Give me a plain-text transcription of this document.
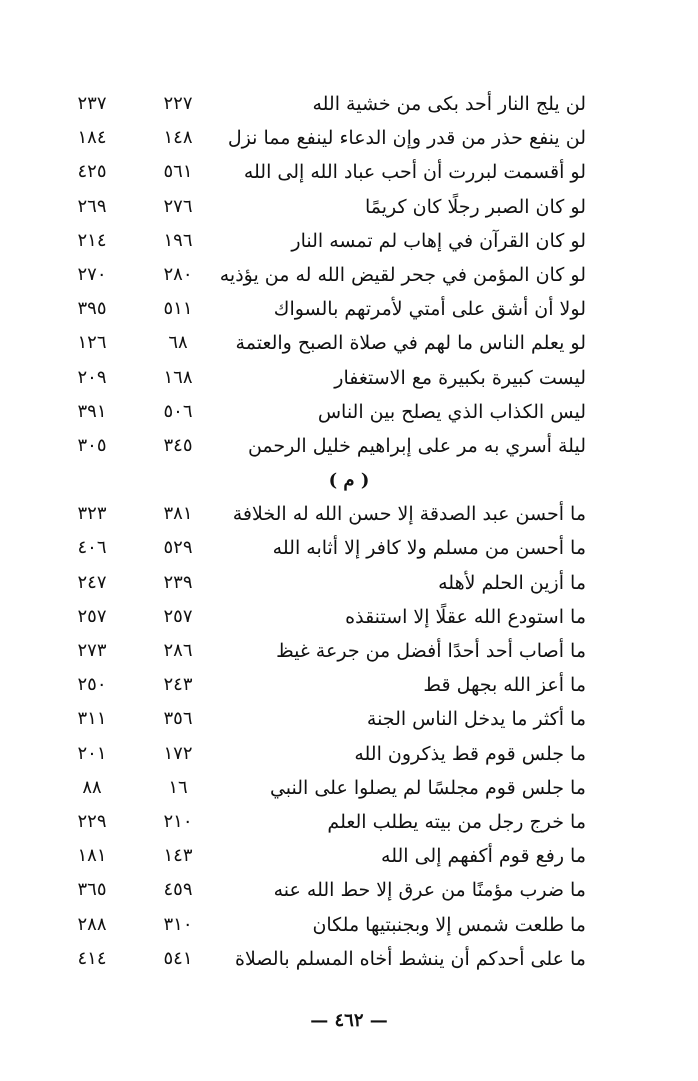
لن يلج النار أحد بكى من خشية الله
٢٢٧
٢٣٧
لن ينفع حذر من قدر وإن الدعاء لينفع مما نزل
١٤٨
١٨٤
لو أقسمت لبررت أن أحب عباد الله إلى الله
٥٦١
٤٢٥
لو كان الصبر رجلًا كان كريمًا
٢٧٦
٢٦٩
لو كان القرآن في إهاب لم تمسه النار
١٩٦
٢١٤
لو كان المؤمن في جحر لقيض الله له من يؤذيه
٢٨٠
٢٧٠
لولا أن أشق على أمتي لأمرتهم بالسواك
٥١١
٣٩٥
لو يعلم الناس ما لهم في صلاة الصبح والعتمة
٦٨
١٢٦
ليست كبيرة بكبيرة مع الاستغفار
١٦٨
٢٠٩
ليس الكذاب الذي يصلح بين الناس
٥٠٦
٣٩١
ليلة أسري به مر على إبراهيم خليل الرحمن
٣٤٥
٣٠٥
( م )
ما أحسن عبد الصدقة إلا حسن الله له الخلافة
٣٨١
٣٢٣
ما أحسن من مسلم ولا كافر إلا أثابه الله
٥٢٩
٤٠٦
ما أزين الحلم لأهله
٢٣٩
٢٤٧
ما استودع الله عقلًا إلا استنقذه
٢٥٧
٢٥٧
ما أصاب أحد أحدًا أفضل من جرعة غيظ
٢٨٦
٢٧٣
ما أعز الله بجهل قط
٢٤٣
٢٥٠
ما أكثر ما يدخل الناس الجنة
٣٥٦
٣١١
ما جلس قوم قط يذكرون الله
١٧٢
٢٠١
ما جلس قوم مجلسًا لم يصلوا على النبي
١٦
٨٨
ما خرج رجل من بيته يطلب العلم
٢١٠
٢٢٩
ما رفع قوم أكفهم إلى الله
١٤٣
١٨١
ما ضرب مؤمنًا من عرق إلا حط الله عنه
٤٥٩
٣٦٥
ما طلعت شمس إلا وبجنبتيها ملكان
٣١٠
٢٨٨
ما على أحدكم أن ينشط أخاه المسلم بالصلاة
٥٤١
٤١٤
— ٤٦٢ —
